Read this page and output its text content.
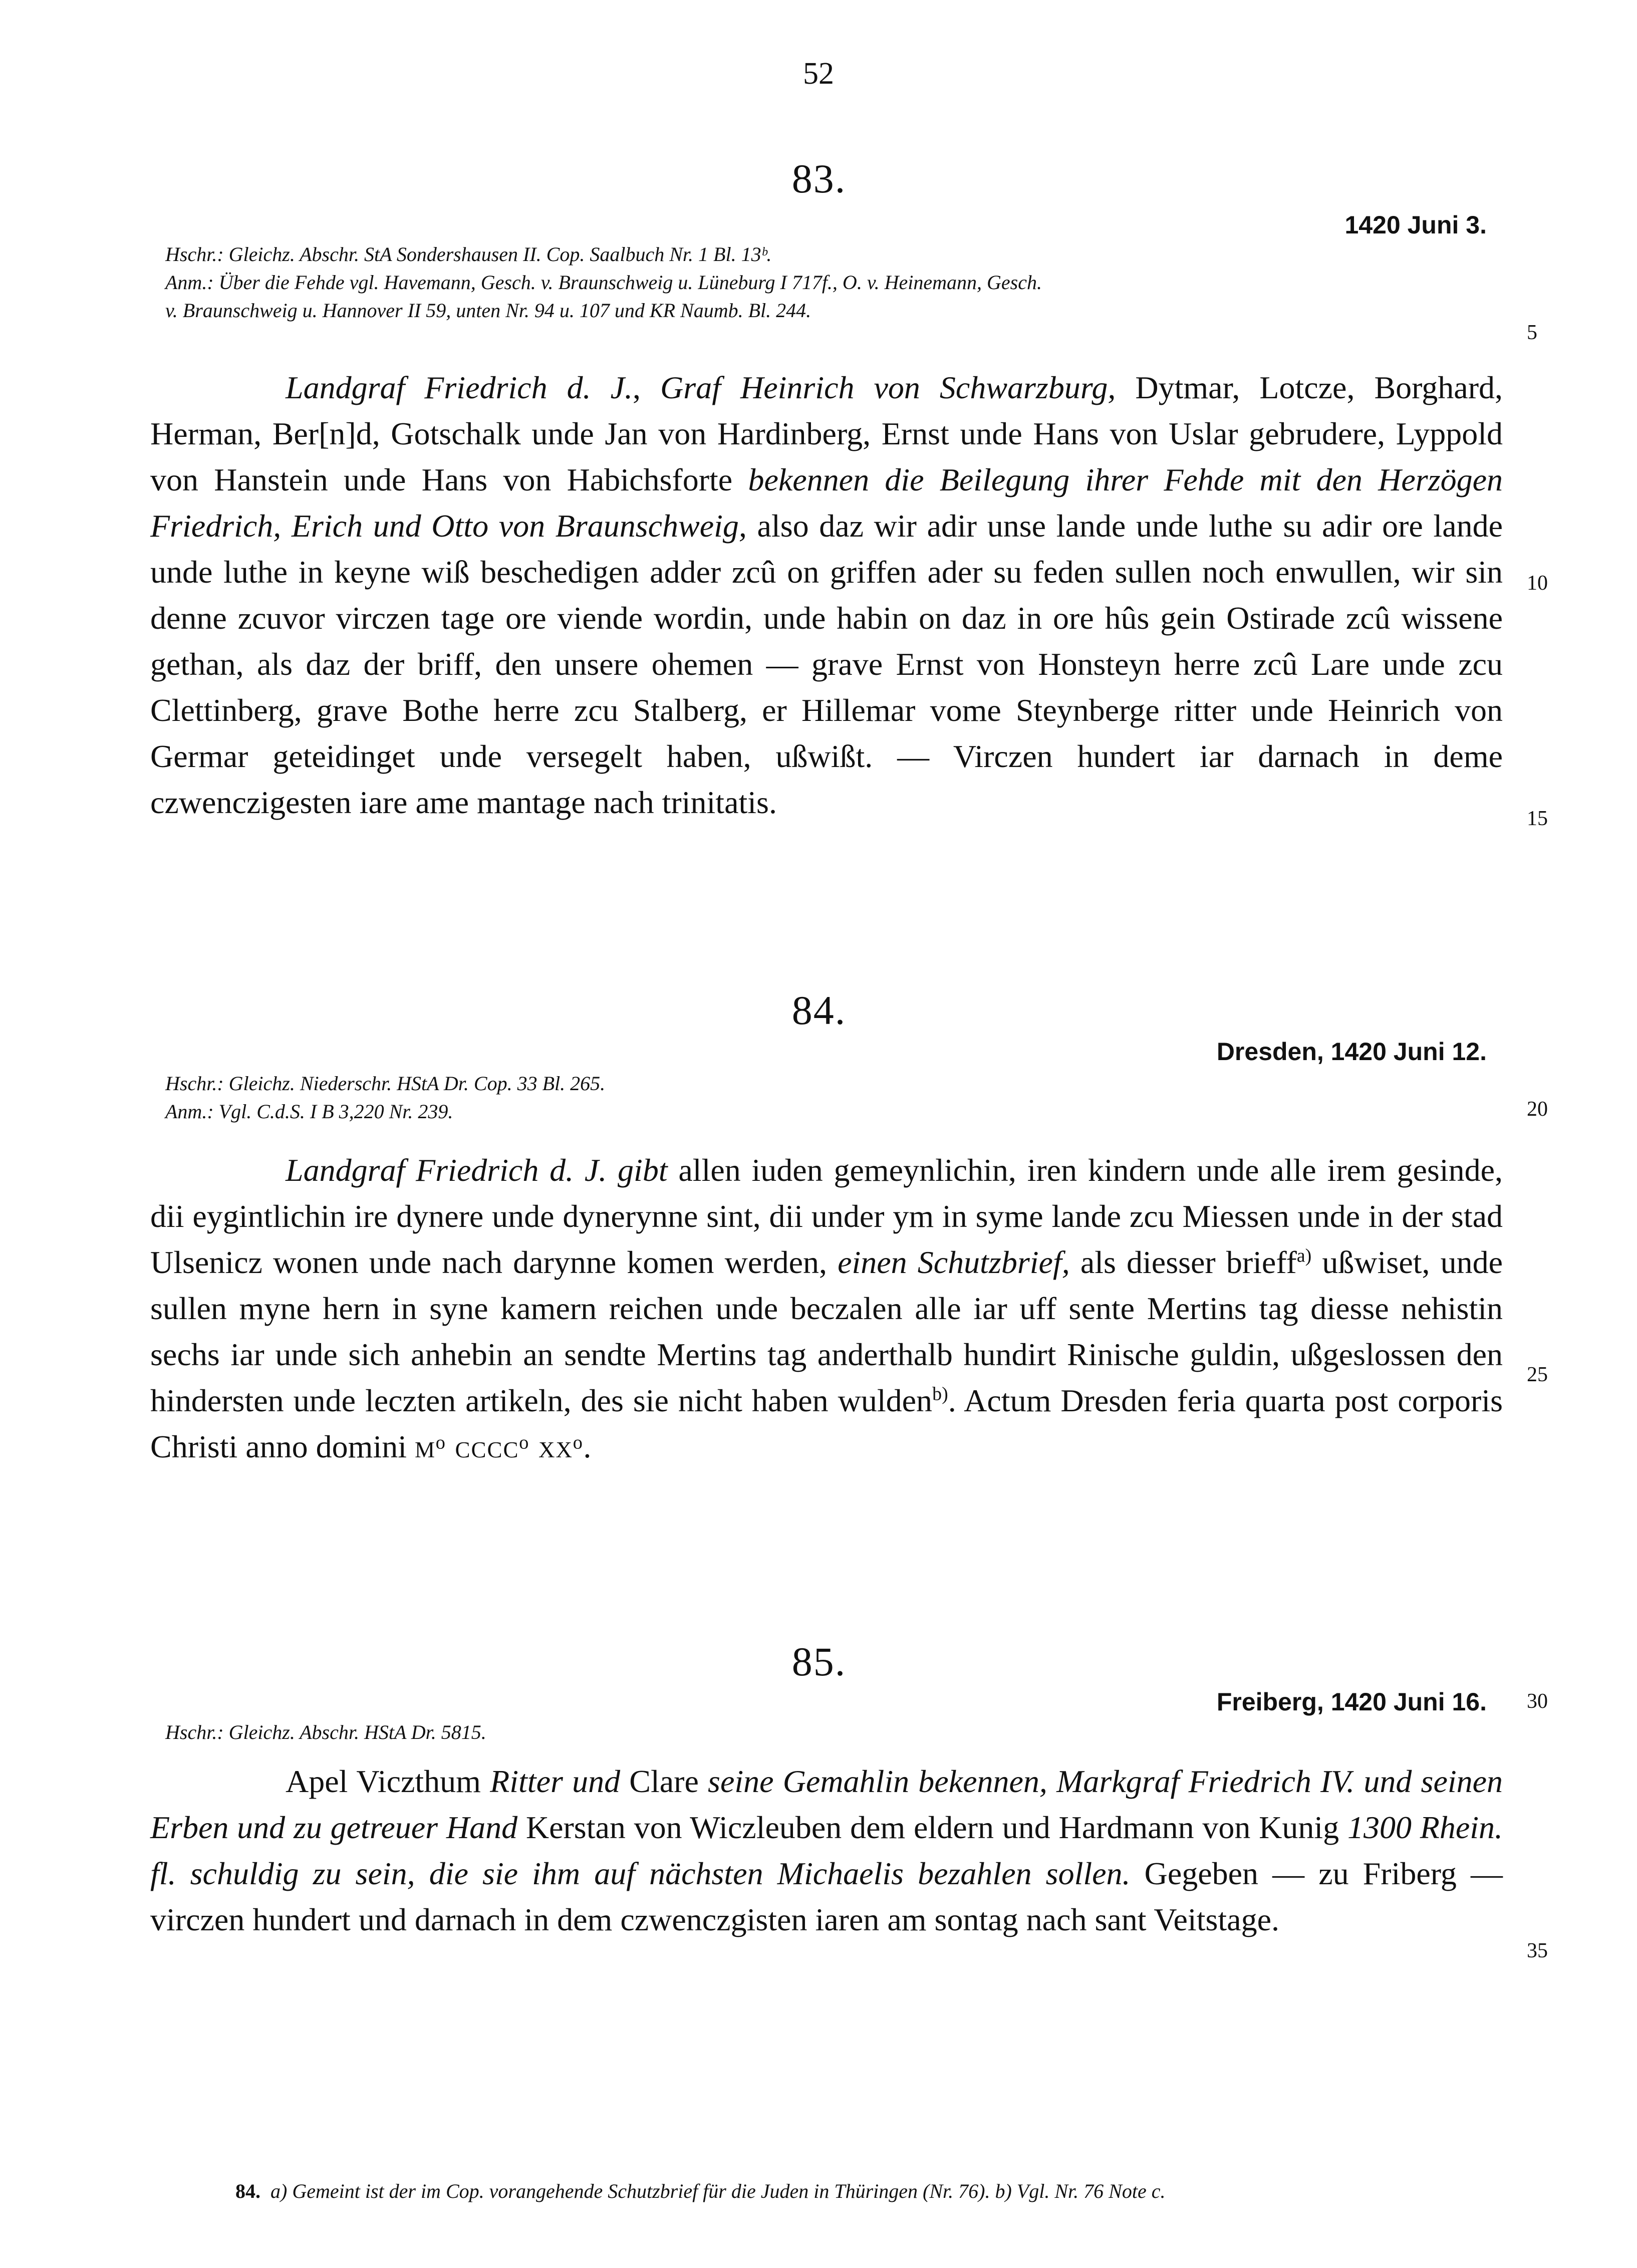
52
83.
1420 Juni 3.
Hschr.: Gleichz. Abschr. StA Sondershausen II. Cop. Saalbuch Nr. 1 Bl. 13ᵇ.
Anm.: Über die Fehde vgl. Havemann, Gesch. v. Braunschweig u. Lüneburg I 717f., O. v. Heinemann, Gesch.
v. Braunschweig u. Hannover II 59, unten Nr. 94 u. 107 und KR Naumb. Bl. 244.

Landgraf Friedrich d. J., Graf Heinrich von Schwarzburg, Dytmar, Lotcze, Borghard, Herman, Ber[n]d, Gotschalk unde Jan von Hardinberg, Ernst unde Hans von Uslar gebrudere, Lyppold von Hanstein unde Hans von Habichsforte bekennen die Beilegung ihrer Fehde mit den Herzögen Friedrich, Erich und Otto von Braunschweig, also daz wir adir unse lande unde luthe su adir ore lande unde luthe in keyne wiß beschedigen adder zcû on griffen ader su feden sullen noch enwullen, wir sin denne zcuvor virczen tage ore viende wordin, unde habin on daz in ore hûs gein Ostirade zcû wissene gethan, als daz der briff, den unsere ohemen — grave Ernst von Honsteyn herre zcû Lare unde zcu Clettinberg, grave Bothe herre zcu Stalberg, er Hillemar vome Steynberge ritter unde Heinrich von Germar geteidinget unde versegelt haben, ußwißt. — Virczen hundert iar darnach in deme czwenczigesten iare ame mantage nach trinitatis.

84.
Dresden, 1420 Juni 12.
Hschr.: Gleichz. Niederschr. HStA Dr. Cop. 33 Bl. 265.
Anm.: Vgl. C.d.S. I B 3,220 Nr. 239.

Landgraf Friedrich d. J. gibt allen iuden gemeynlichin, iren kindern unde alle irem gesinde, dii eygintlichin ire dynere unde dynerynne sint, dii under ym in syme lande zcu Miessen unde in der stad Ulsenicz wonen unde nach darynne komen werden, einen Schutzbrief, als diesser brieff$^{a)}$ ußwiset, unde sullen myne hern in syne kamern reichen unde beczalen alle iar uff sente Mertins tag diesse nehistin sechs iar unde sich anhebin an sendte Mertins tag anderthalb hundirt Rinische guldin, ußgeslossen den hindersten unde leczten artikeln, des sie nicht haben wulden$^{b)}$. Actum Dresden feria quarta post corporis Christi anno domini mᵒ ccccᵒ xxᵒ.

85.
Freiberg, 1420 Juni 16.
Hschr.: Gleichz. Abschr. HStA Dr. 5815.

Apel Viczthum Ritter und Clare seine Gemahlin bekennen, Markgraf Friedrich IV. und seinen Erben und zu getreuer Hand Kerstan von Wiczleuben dem eldern und Hardmann von Kunig 1300 Rhein. fl. schuldig zu sein, die sie ihm auf nächsten Michaelis bezahlen sollen. Gegeben — zu Friberg — virczen hundert und darnach in dem czwenczgisten iaren am sontag nach sant Veitstage.

5
10
15
20
25
30
35
84. a) Gemeint ist der im Cop. vorangehende Schutzbrief für die Juden in Thüringen (Nr. 76). b) Vgl. Nr. 76 Note c.
